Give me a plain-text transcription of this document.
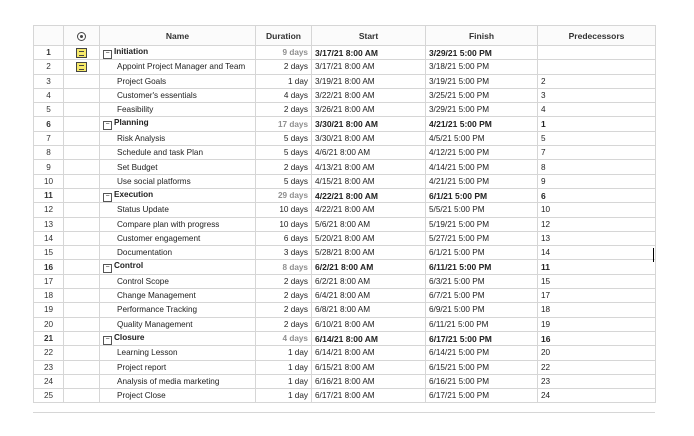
		Name	Duration	Start	Finish	Predecessors
1		− Initiation	9 days	3/17/21 8:00 AM	3/29/21 5:00 PM	
2		Appoint Project Manager and Team	2 days	3/17/21 8:00 AM	3/18/21 5:00 PM	
3		Project Goals	1 day	3/19/21 8:00 AM	3/19/21 5:00 PM	2
4		Customer's essentials	4 days	3/22/21 8:00 AM	3/25/21 5:00 PM	3
5		Feasibility	2 days	3/26/21 8:00 AM	3/29/21 5:00 PM	4
6		− Planning	17 days	3/30/21 8:00 AM	4/21/21 5:00 PM	1
7		Risk Analysis	5 days	3/30/21 8:00 AM	4/5/21 5:00 PM	5
8		Schedule and task Plan	5 days	4/6/21 8:00 AM	4/12/21 5:00 PM	7
9		Set Budget	2 days	4/13/21 8:00 AM	4/14/21 5:00 PM	8
10		Use social platforms	5 days	4/15/21 8:00 AM	4/21/21 5:00 PM	9
11		− Execution	29 days	4/22/21 8:00 AM	6/1/21 5:00 PM	6
12		Status Update	10 days	4/22/21 8:00 AM	5/5/21 5:00 PM	10
13		Compare plan with progress	10 days	5/6/21 8:00 AM	5/19/21 5:00 PM	12
14		Customer engagement	6 days	5/20/21 8:00 AM	5/27/21 5:00 PM	13
15		Documentation	3 days	5/28/21 8:00 AM	6/1/21 5:00 PM	14
16		− Control	8 days	6/2/21 8:00 AM	6/11/21 5:00 PM	11
17		Control Scope	2 days	6/2/21 8:00 AM	6/3/21 5:00 PM	15
18		Change Management	2 days	6/4/21 8:00 AM	6/7/21 5:00 PM	17
19		Performance Tracking	2 days	6/8/21 8:00 AM	6/9/21 5:00 PM	18
20		Quality Management	2 days	6/10/21 8:00 AM	6/11/21 5:00 PM	19
21		− Closure	4 days	6/14/21 8:00 AM	6/17/21 5:00 PM	16
22		Learning Lesson	1 day	6/14/21 8:00 AM	6/14/21 5:00 PM	20
23		Project report	1 day	6/15/21 8:00 AM	6/15/21 5:00 PM	22
24		Analysis of media marketing	1 day	6/16/21 8:00 AM	6/16/21 5:00 PM	23
25		Project Close	1 day	6/17/21 8:00 AM	6/17/21 5:00 PM	24
